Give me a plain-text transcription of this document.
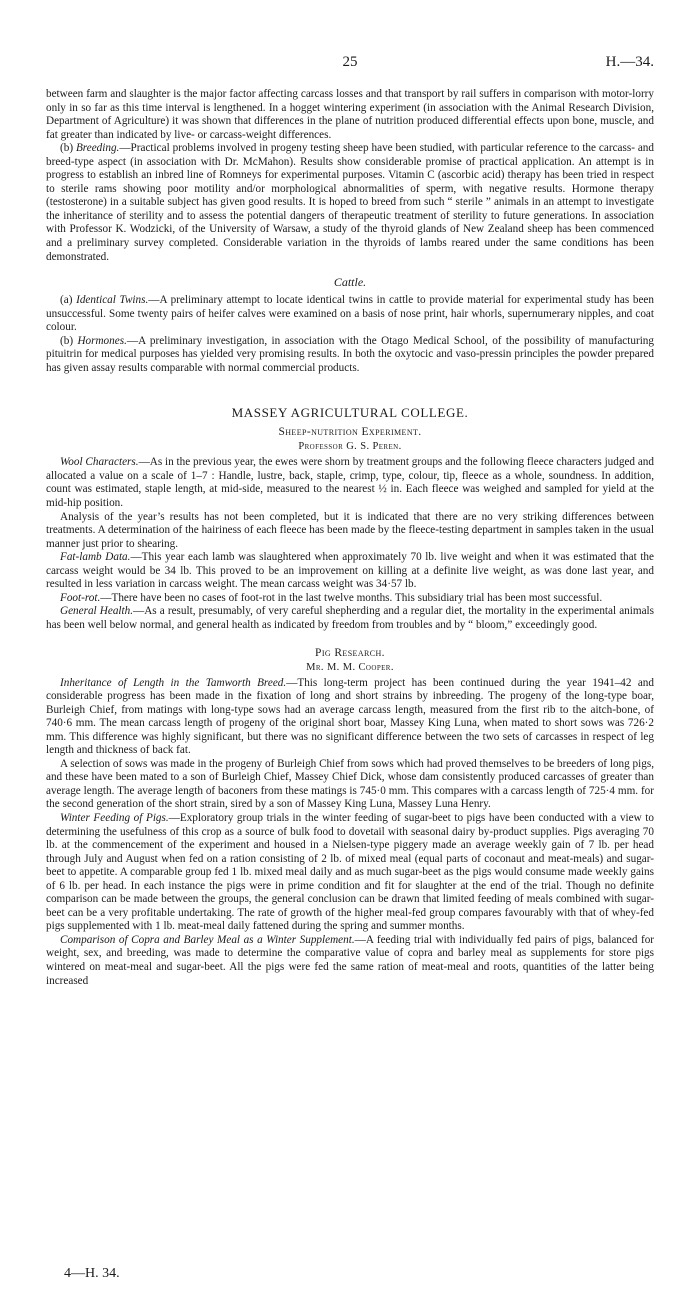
25	H.—34.

between farm and slaughter is the major factor affecting carcass losses and that transport by rail suffers in comparison with motor-lorry only in so far as this time interval is lengthened. In a hogget wintering experiment (in association with the Animal Research Division, Department of Agriculture) it was shown that differences in the plane of nutrition produced differential effects upon bone, muscle, and fat greater than indicated by live- or carcass-weight differences.

(b) Breeding.—Practical problems involved in progeny testing sheep have been studied, with particular reference to the carcass- and breed-type aspect (in association with Dr. McMahon). Results show considerable promise of practical application. An attempt is in progress to establish an inbred line of Romneys for experimental purposes. Vitamin C (ascorbic acid) therapy has been tried in respect to sterile rams showing poor motility and/or morphological abnormalities of sperm, with negative results. Hormone therapy (testosterone) in a suitable subject has given good results. It is hoped to breed from such “ sterile ” animals in an attempt to investigate the inheritance of sterility and to assess the potential dangers of therapeutic treatment of sterility to future generations. In association with Professor K. Wodzicki, of the University of Warsaw, a study of the thyroid glands of New Zealand sheep has been commenced and a preliminary survey completed. Considerable variation in the thyroids of lambs reared under the same conditions has been demonstrated.

Cattle.

(a) Identical Twins.—A preliminary attempt to locate identical twins in cattle to provide material for experimental study has been unsuccessful. Some twenty pairs of heifer calves were examined on a basis of nose print, hair whorls, supernumerary nipples, and coat colour.

(b) Hormones.—A preliminary investigation, in association with the Otago Medical School, of the possibility of manufacturing pituitrin for medical purposes has yielded very promising results. In both the oxytocic and vaso-pressin principles the powder prepared has given assay results comparable with normal commercial products.

MASSEY AGRICULTURAL COLLEGE.
Sheep-nutrition Experiment.
Professor G. S. Peren.

Wool Characters.—As in the previous year, the ewes were shorn by treatment groups and the following fleece characters judged and allocated a value on a scale of 1–7 : Handle, lustre, back, staple, crimp, type, colour, tip, fleece as a whole, soundness. In addition, count was estimated, staple length, at mid-side, measured to the nearest ½ in. Each fleece was weighed and sampled for yield at the mid-hip position.

Analysis of the year’s results has not been completed, but it is indicated that there are no very striking differences between treatments. A determination of the hairiness of each fleece has been made by the fleece-testing department in samples taken in the usual manner just prior to shearing.

Fat-lamb Data.—This year each lamb was slaughtered when approximately 70 lb. live weight and when it was estimated that the carcass weight would be 34 lb. This proved to be an improvement on killing at a definite live weight, as was done last year, and resulted in less variation in carcass weight. The mean carcass weight was 34·57 lb.

Foot-rot.—There have been no cases of foot-rot in the last twelve months. This subsidiary trial has been most successful.

General Health.—As a result, presumably, of very careful shepherding and a regular diet, the mortality in the experimental animals has been well below normal, and general health as indicated by freedom from troubles and by “ bloom,” exceedingly good.

Pig Research.
Mr. M. M. Cooper.

Inheritance of Length in the Tamworth Breed.—This long-term project has been continued during the year 1941–42 and considerable progress has been made in the fixation of long and short strains by inbreeding. The progeny of the long-type boar, Burleigh Chief, from matings with long-type sows had an average carcass length, measured from the first rib to the aitch-bone, of 740·6 mm. The mean carcass length of progeny of the original short boar, Massey King Luna, when mated to short sows was 726·2 mm. This difference was highly significant, but there was no significant difference between the two sets of carcasses in respect of leg length and thickness of back fat.

A selection of sows was made in the progeny of Burleigh Chief from sows which had proved themselves to be breeders of long pigs, and these have been mated to a son of Burleigh Chief, Massey Chief Dick, whose dam consistently produced carcasses of greater than average length. The average length of baconers from these matings is 745·0 mm. This compares with a carcass length of 725·4 mm. for the second generation of the short strain, sired by a son of Massey King Luna, Massey Luna Henry.

Winter Feeding of Pigs.—Exploratory group trials in the winter feeding of sugar-beet to pigs have been conducted with a view to determining the usefulness of this crop as a source of bulk food to dovetail with seasonal dairy by-product supplies. Pigs averaging 70 lb. at the commencement of the experiment and housed in a Nielsen-type piggery made an average weekly gain of 7 lb. per head through July and August when fed on a ration consisting of 2 lb. of mixed meal (equal parts of coconaut and meat-meals) and sugar-beet to appetite. A comparable group fed 1 lb. mixed meal daily and as much sugar-beet as the pigs would consume made weekly gains of 6 lb. per head. In each instance the pigs were in prime condition and fit for slaughter at the end of the trial. Though no definite comparison can be made between the groups, the general conclusion can be drawn that limited feeding of meals combined with sugar-beet can be a very profitable undertaking. The rate of growth of the higher meal-fed group compares favourably with that of whey-fed pigs supplemented with 1 lb. meat-meal daily fattened during the spring and summer months.

Comparison of Copra and Barley Meal as a Winter Supplement.—A feeding trial with individually fed pairs of pigs, balanced for weight, sex, and breeding, was made to determine the comparative value of copra and barley meal as supplements for store pigs wintered on meat-meal and sugar-beet. All the pigs were fed the same ration of meat-meal and roots, quantities of the latter being increased

4—H. 34.
